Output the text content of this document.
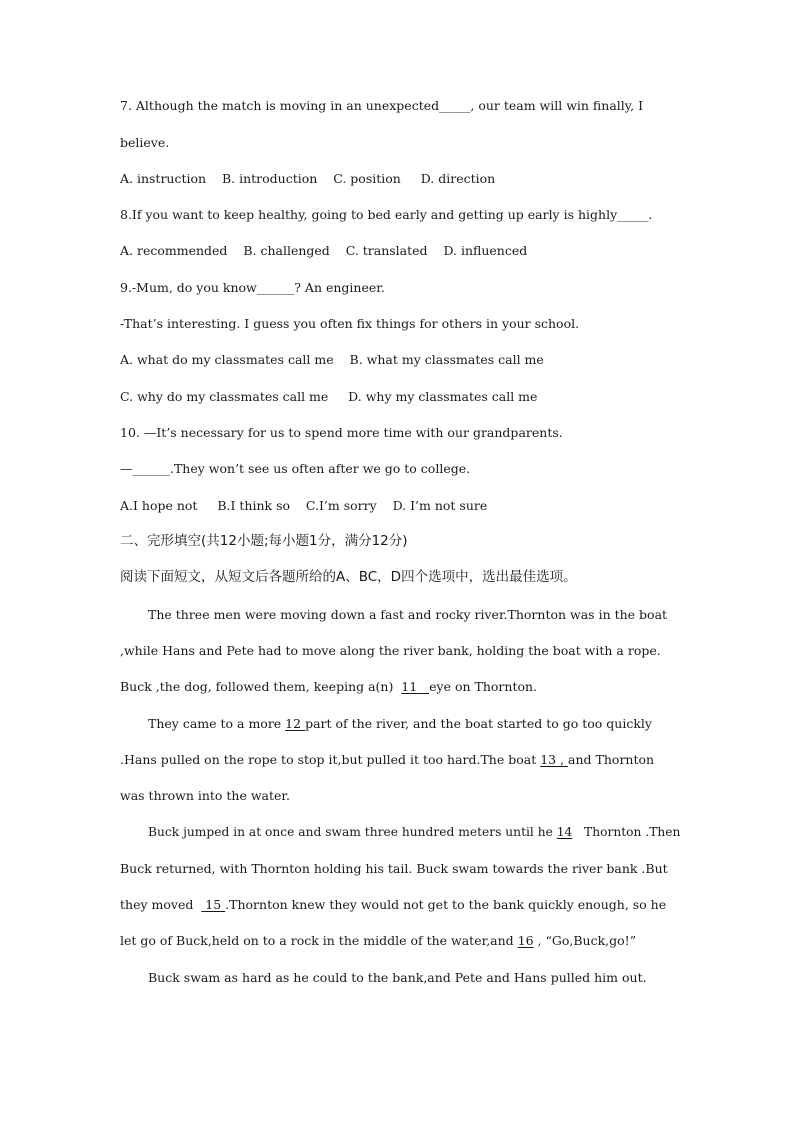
7. Although the match is moving in an unexpected_____, our team will win finally, I
believe.
A. instruction    B. introduction    C. position     D. direction
8.If you want to keep healthy, going to bed early and getting up early is highly_____.
A. recommended    B. challenged    C. translated    D. influenced
9.-Mum, do you know______? An engineer.
-That’s interesting. I guess you often fix things for others in your school.
A. what do my classmates call me    B. what my classmates call me
C. why do my classmates call me     D. why my classmates call me
10. —It’s necessary for us to spend more time with our grandparents.
—______.They won’t see us often after we go to college.
A.I hope not     B.I think so    C.I’m sorry    D. I’m not sure
二、完形填空(共12小题;每小题1分，满分12分)
阅读下面短文，从短文后各题所给的A、BC，D四个选项中，选出最佳选项。
The three men were moving down a fast and rocky river.Thornton was in the boat
,while Hans and Pete had to move along the river bank, holding the boat with a rope.
Buck ,the dog, followed them, keeping a(n)  11   eye on Thornton.
They came to a more 12 part of the river, and the boat started to go too quickly
.Hans pulled on the rope to stop it,but pulled it too hard.The boat 13 , and Thornton
was thrown into the water.
Buck jumped in at once and swam three hundred meters until he 14   Thornton .Then
Buck returned, with Thornton holding his tail. Buck swam towards the river bank .But
they moved   15 .Thornton knew they would not get to the bank quickly enough, so he
let go of Buck,held on to a rock in the middle of the water,and 16 , “Go,Buck,go!”
Buck swam as hard as he could to the bank,and Pete and Hans pulled him out.
